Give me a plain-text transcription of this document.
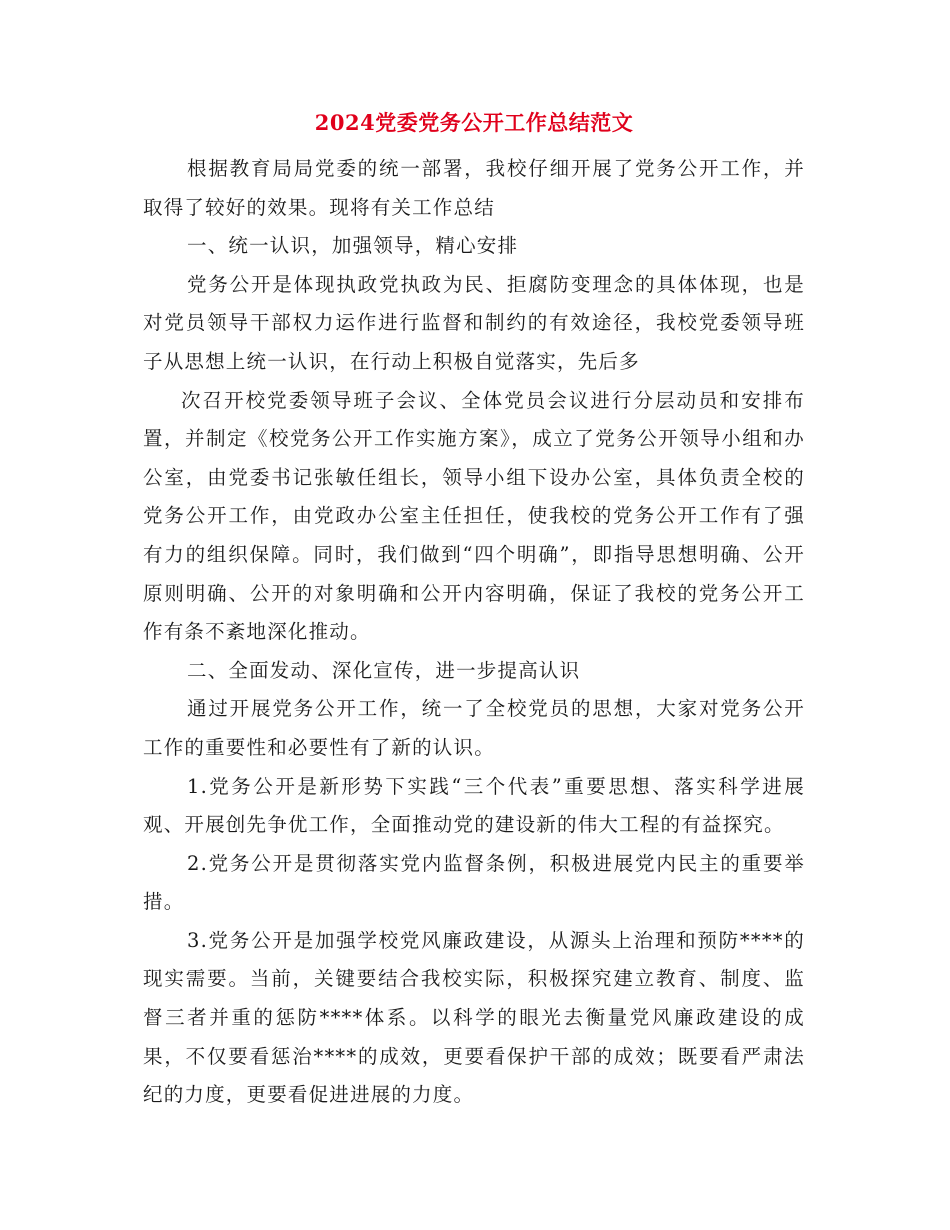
2024党委党务公开工作总结范文

根据教育局局党委的统一部署，我校仔细开展了党务公开工作，并取得了较好的效果。现将有关工作总结

一、统一认识，加强领导，精心安排

党务公开是体现执政党执政为民、拒腐防变理念的具体体现，也是对党员领导干部权力运作进行监督和制约的有效途径，我校党委领导班子从思想上统一认识，在行动上积极自觉落实，先后多

次召开校党委领导班子会议、全体党员会议进行分层动员和安排布置，并制定《校党务公开工作实施方案》，成立了党务公开领导小组和办公室，由党委书记张敏任组长，领导小组下设办公室，具体负责全校的党务公开工作，由党政办公室主任担任，使我校的党务公开工作有了强有力的组织保障。同时，我们做到“四个明确”，即指导思想明确、公开原则明确、公开的对象明确和公开内容明确，保证了我校的党务公开工作有条不紊地深化推动。

二、全面发动、深化宣传，进一步提高认识

通过开展党务公开工作，统一了全校党员的思想，大家对党务公开工作的重要性和必要性有了新的认识。

1.党务公开是新形势下实践“三个代表”重要思想、落实科学进展观、开展创先争优工作，全面推动党的建设新的伟大工程的有益探究。

2.党务公开是贯彻落实党内监督条例，积极进展党内民主的重要举措。

3.党务公开是加强学校党风廉政建设，从源头上治理和预防****的现实需要。当前，关键要结合我校实际，积极探究建立教育、制度、监督三者并重的惩防****体系。以科学的眼光去衡量党风廉政建设的成果，不仅要看惩治****的成效，更要看保护干部的成效；既要看严肃法纪的力度，更要看促进进展的力度。
